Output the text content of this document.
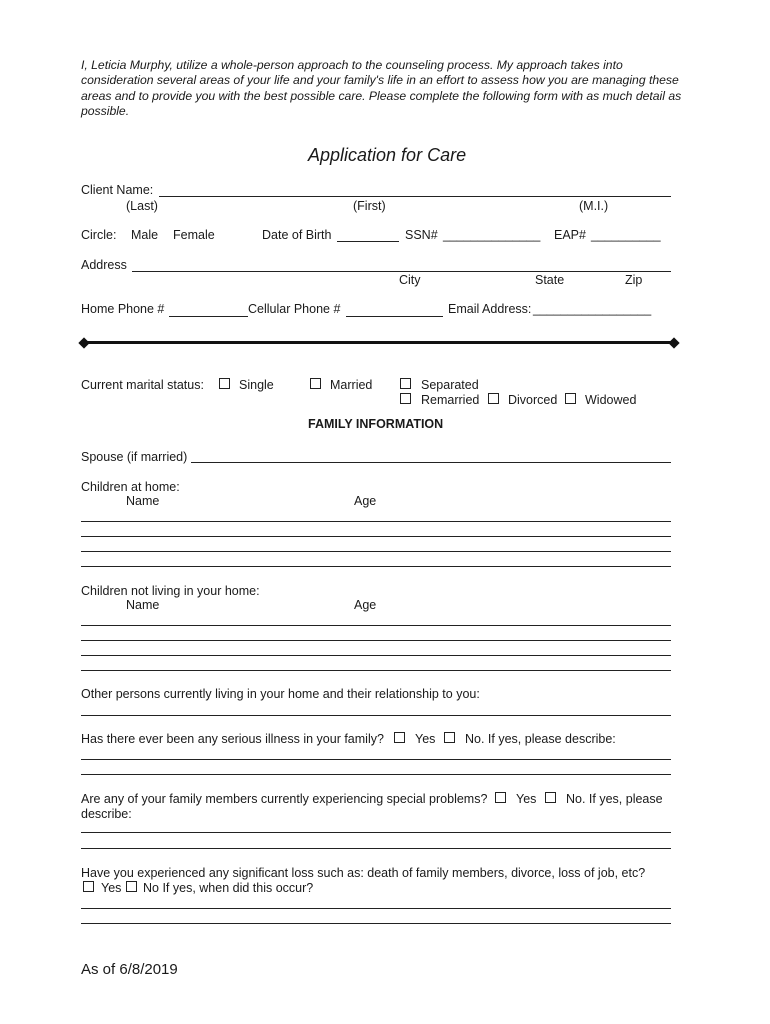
I, Leticia Murphy, utilize a whole-person approach to the counseling process. My approach takes into consideration several areas of your life and your family's life in an effort to assess how you are managing these areas and to provide you with the best possible care. Please complete the following form with as much detail as possible.
Application for Care
Client Name:
(Last)	(First)	(M.I.)
Circle: Male Female	Date of Birth	SSN# ______________ EAP# __________
Address
City	State	Zip
Home Phone #	Cellular Phone #	Email Address: _________________
Current marital status:	Single	Married	Separated
Remarried Divorced Widowed
FAMILY INFORMATION
Spouse (if married)
Children at home:
Name	Age
Children not living in your home:
Name	Age
Other persons currently living in your home and their relationship to you:
Has there ever been any serious illness in your family? Yes No. If yes, please describe:
Are any of your family members currently experiencing special problems? Yes No. If yes, please
describe:
Have you experienced any significant loss such as: death of family members, divorce, loss of job, etc?
Yes No If yes, when did this occur?
As of 6/8/2019
